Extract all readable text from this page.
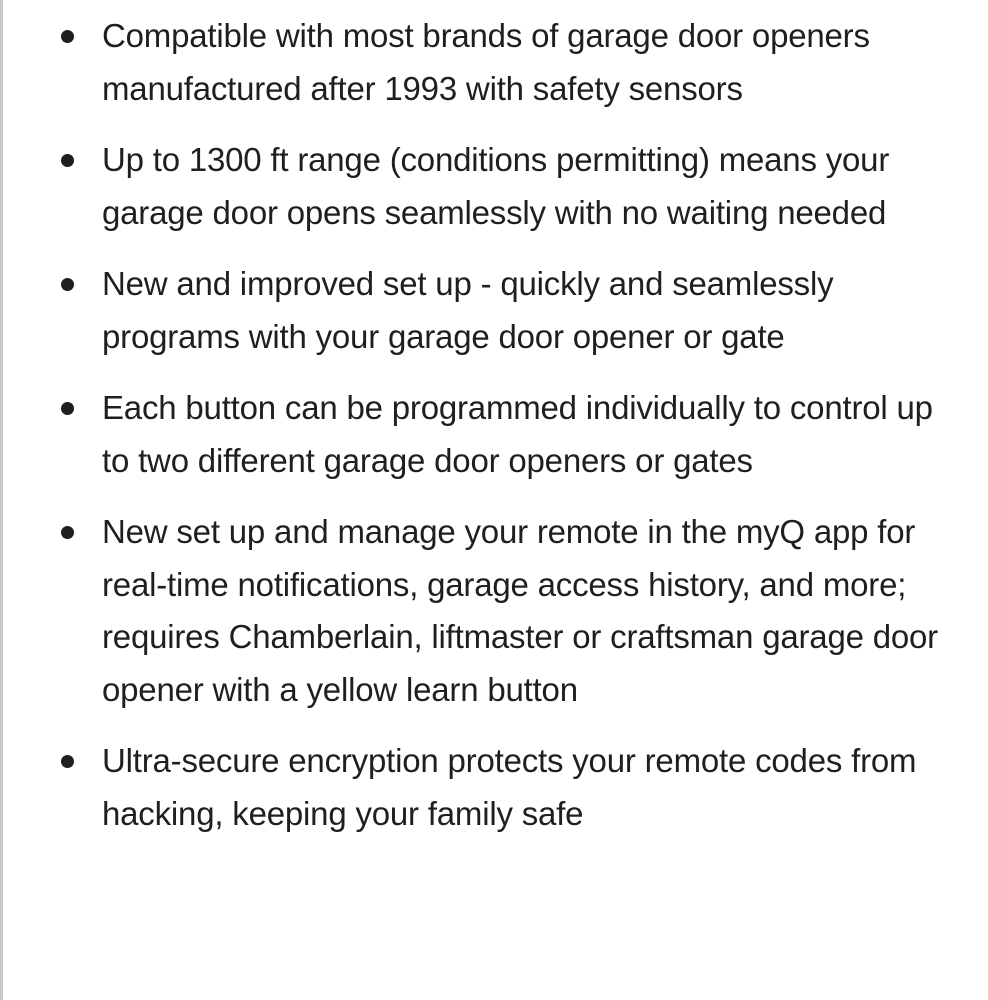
Compatible with most brands of garage door openers manufactured after 1993 with safety sensors
Up to 1300 ft range (conditions permitting) means your garage door opens seamlessly with no waiting needed
New and improved set up - quickly and seamlessly programs with your garage door opener or gate
Each button can be programmed individually to control up to two different garage door openers or gates
New set up and manage your remote in the myQ app for real-time notifications, garage access history, and more; requires Chamberlain, liftmaster or craftsman garage door opener with a yellow learn button
Ultra-secure encryption protects your remote codes from hacking, keeping your family safe
